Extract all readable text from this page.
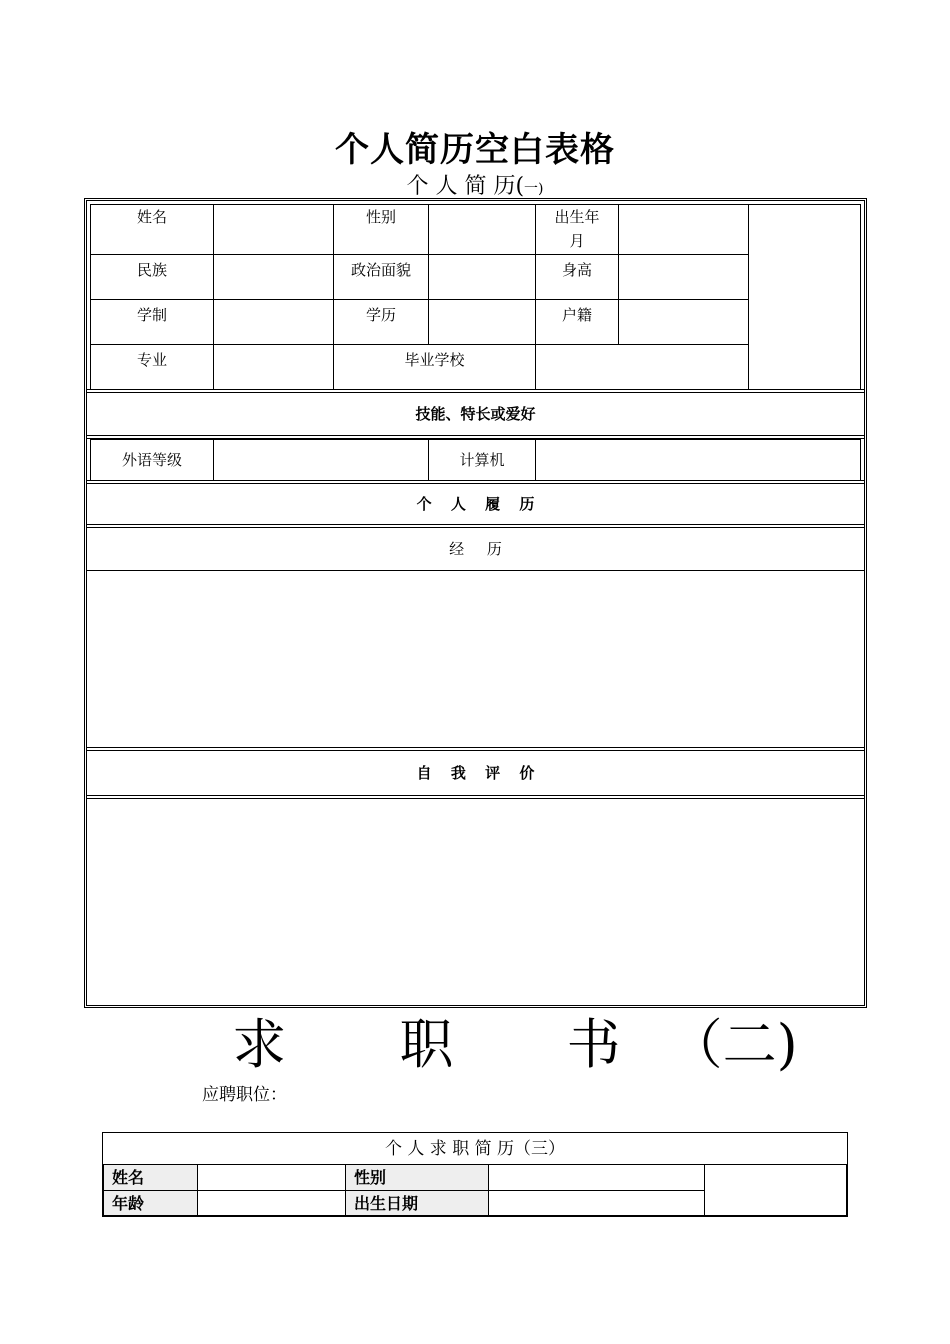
个人简历空白表格
个 人 简 历(一)
姓名	性别	出生年月
民族	政治面貌	身高
学制	学历	户籍
专业	毕业学校
技能、特长或爱好
外语等级	计算机
个 人 履 历
经 历
自 我 评 价
求 职 书（二)
应聘职位：
个 人 求 职 简 历（三）
姓名	性别
年龄	出生日期
